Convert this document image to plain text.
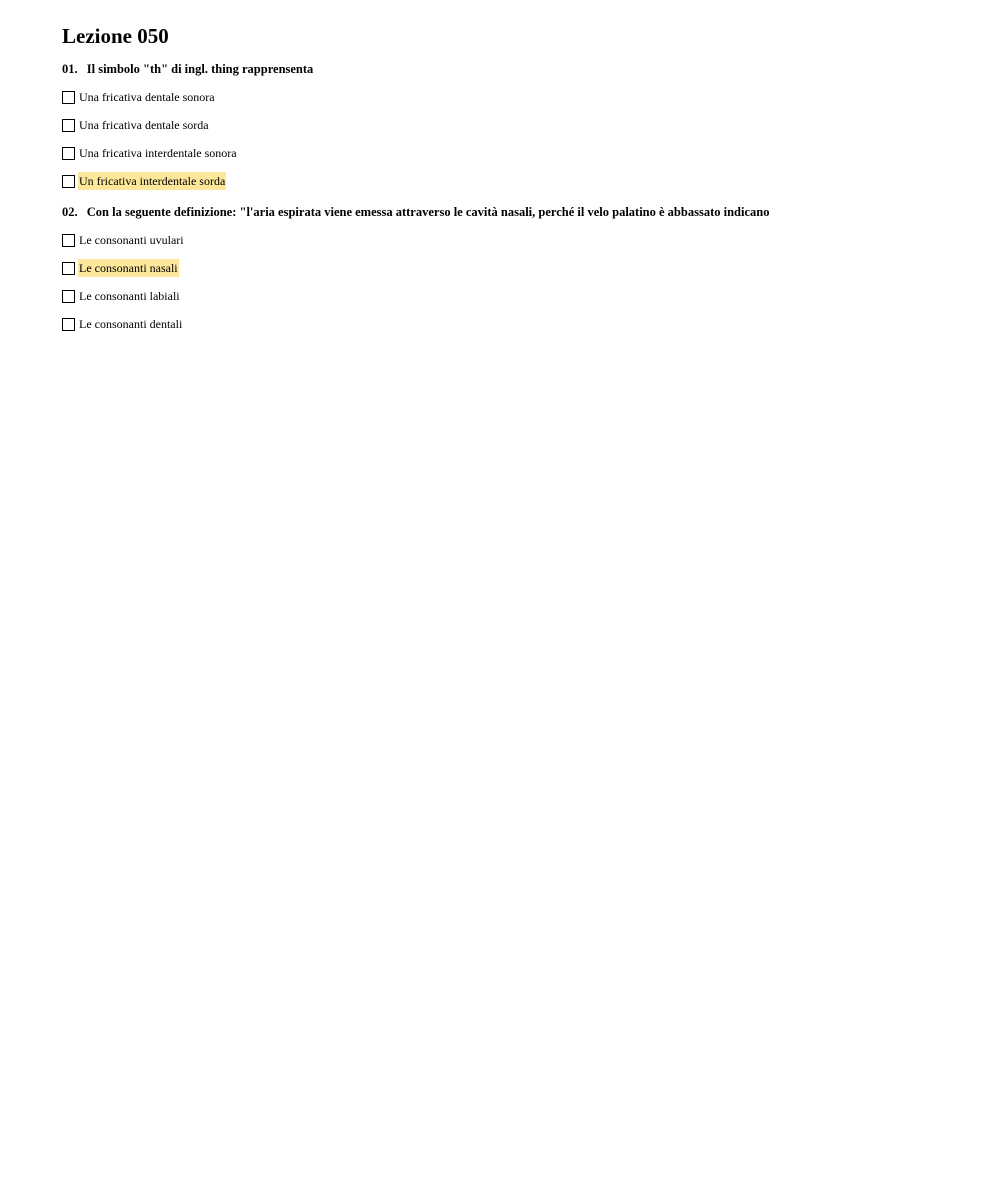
Lezione 050
01. Il simbolo "th" di ingl. thing rapprensenta
Una fricativa dentale sonora
Una fricativa dentale sorda
Una fricativa interdentale sonora
Un fricativa interdentale sorda
02. Con la seguente definizione: "l'aria espirata viene emessa attraverso le cavità nasali, perché il velo palatino è abbassato indicano
Le consonanti uvulari
Le consonanti nasali
Le consonanti labiali
Le consonanti dentali
